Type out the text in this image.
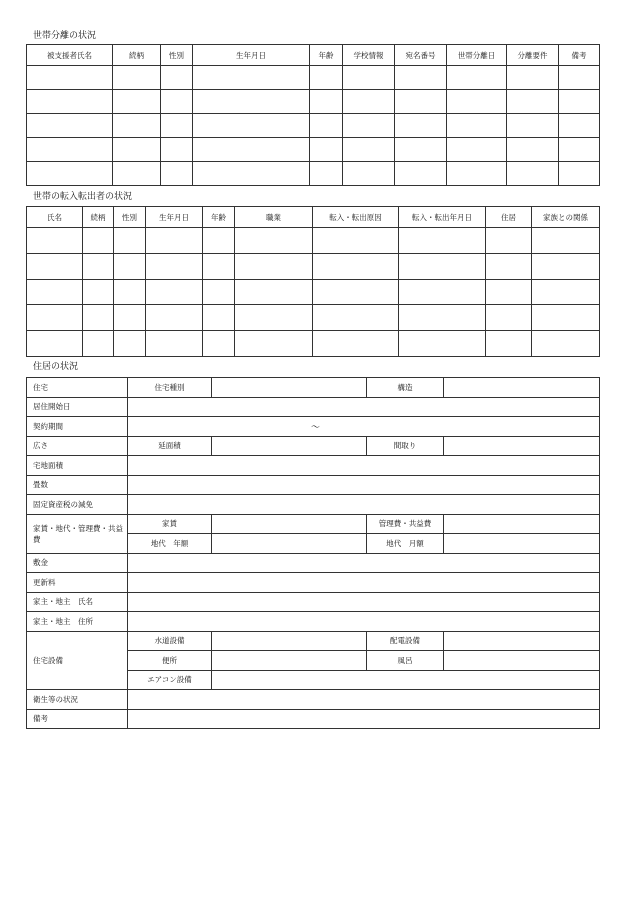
世帯分離の状況
被支援者氏名	続柄	性別	生年月日	年齢	学校情報	宛名番号	世帯分離日	分離要件	備考

世帯の転入転出者の状況
氏名	続柄	性別	生年月日	年齢	職業	転入・転出原因	転入・転出年月日	住居	家族との関係

住居の状況
住宅	住宅種別		構造	
居住開始日				
契約期間	～			
広さ	延面積		間取り	
宅地面積				
畳数				
固定資産税の減免				
家賃・地代・管理費・共益費	家賃		管理費・共益費	
	地代　年額		地代　月額	
敷金				
更新料				
家主・地主　氏名				
家主・地主　住所				
住宅設備	水道設備		配電設備	
	便所		風呂	
	エアコン設備			
衛生等の状況				
備考				
